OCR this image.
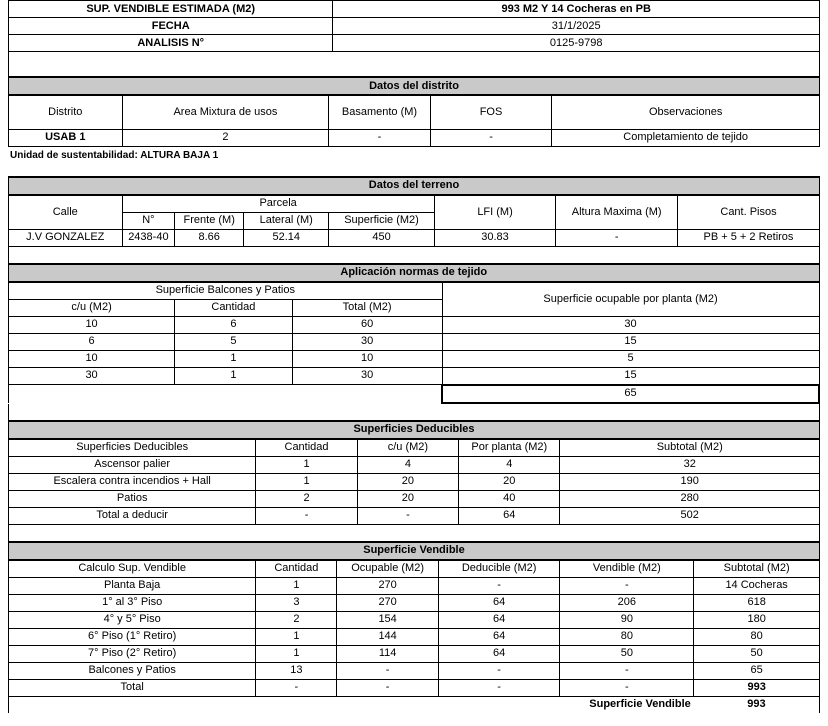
SUP. VENDIBLE ESTIMADA (M2)	993 M2 Y 14 Cocheras en PB
FECHA	31/1/2025
ANALISIS N°	0125-9798
Datos del distrito				
Distrito	Area Mixtura de usos	Basamento (M)	FOS	Observaciones
USAB 1	2	-	-	Completamiento de tejido
Unidad de sustentabilidad: ALTURA BAJA 1
Datos del terreno							
Calle	Parcela				LFI (M)	Altura Maxima (M)	Cant. Pisos
	N°	Frente (M)	Lateral (M)	Superficie (M2)			
J.V GONZALEZ	2438-40	8.66	52.14	450	30.83	-	PB + 5 + 2 Retiros
Aplicación normas de tejido			
Superficie Balcones y Patios			Superficie ocupable por planta (M2)
c/u (M2)	Cantidad	Total (M2)	
10	6	60	30
6	5	30	15
10	1	10	5
30	1	30	15
			65
Superficies Deducibles				
Superficies Deducibles	Cantidad	c/u (M2)	Por planta (M2)	Subtotal (M2)
Ascensor palier	1	4	4	32
Escalera contra incendios + Hall	1	20	20	190
Patios	2	20	40	280
Total a deducir	-	-	64	502
Superficie Vendible					
Calculo Sup. Vendible	Cantidad	Ocupable (M2)	Deducible (M2)	Vendible (M2)	Subtotal (M2)
Planta Baja	1	270	-	-	14 Cocheras
1° al 3° Piso	3	270	64	206	618
4° y 5° Piso	2	154	64	90	180
6° Piso (1° Retiro)	1	144	64	80	80
7° Piso (2° Retiro)	1	114	64	50	50
Balcones y Patios	13	-	-	-	65
Total	-	-	-	-	993
				Superficie Vendible	993
